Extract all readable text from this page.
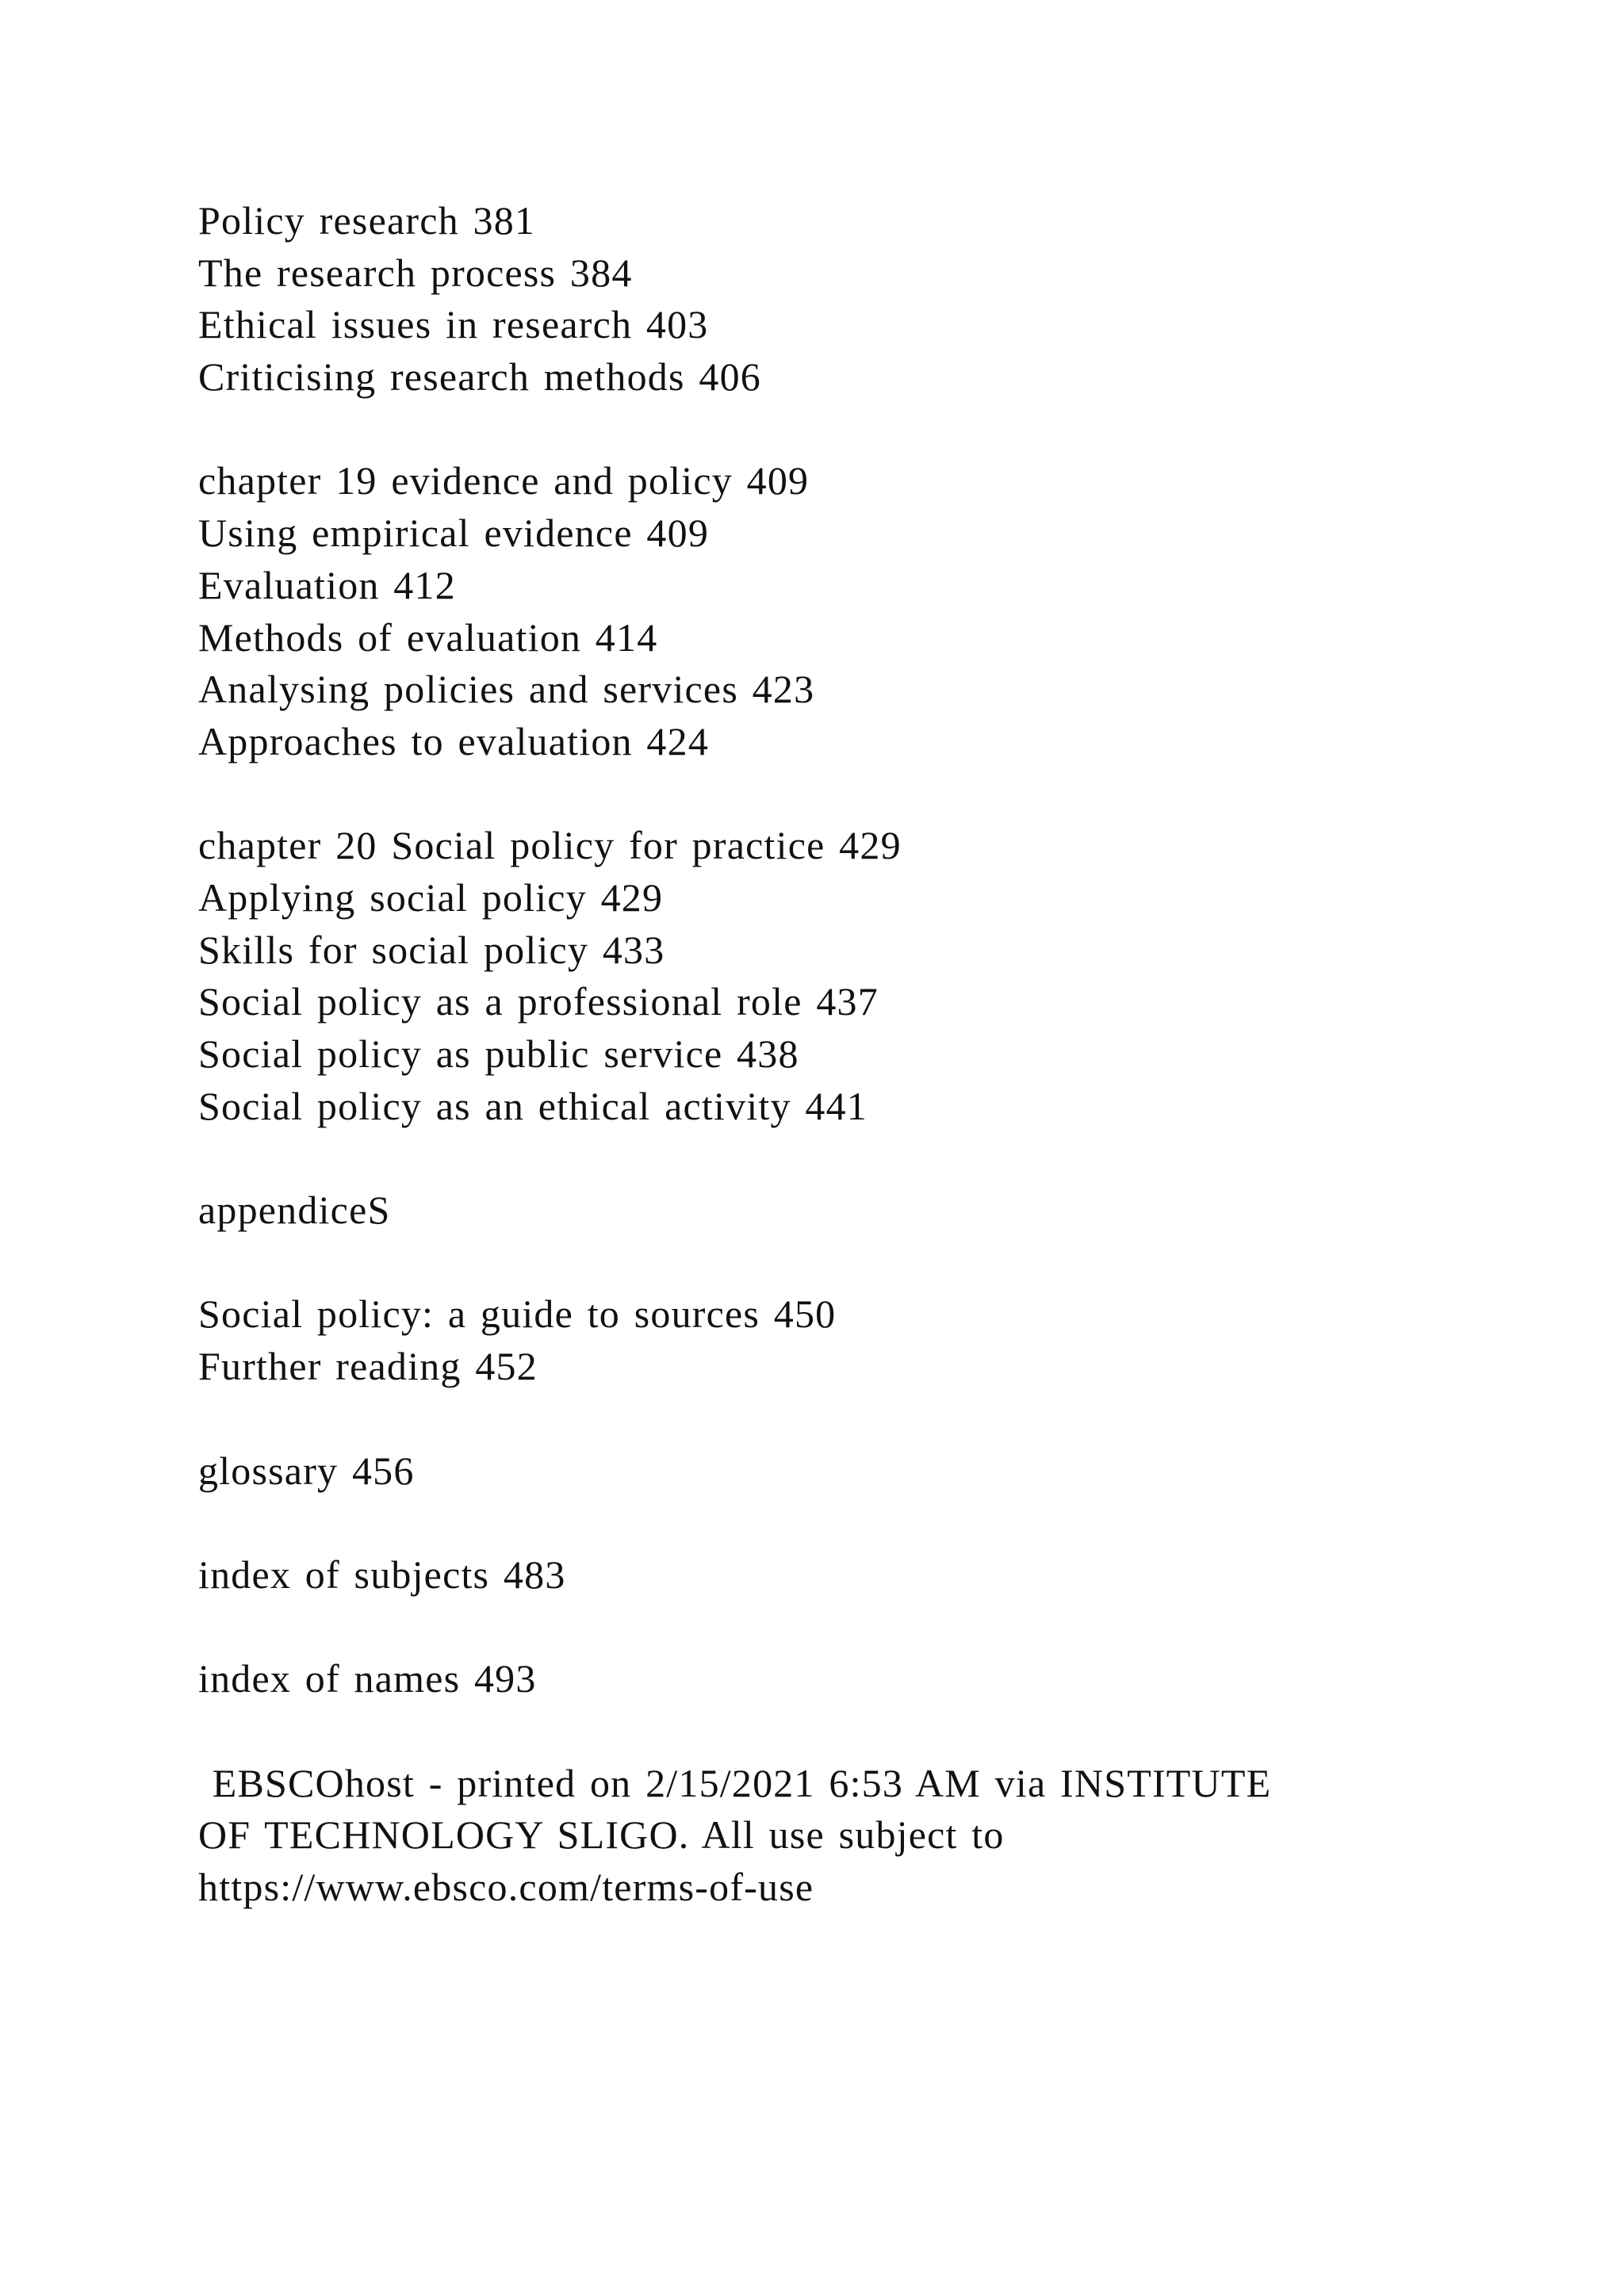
Policy research 381
The research process 384
Ethical issues in research 403
Criticising research methods 406
chapter 19 evidence and policy 409
Using empirical evidence 409
Evaluation 412
Methods of evaluation 414
Analysing policies and services 423
Approaches to evaluation 424
chapter 20 Social policy for practice 429
Applying social policy 429
Skills for social policy 433
Social policy as a professional role 437
Social policy as public service 438
Social policy as an ethical activity 441
appendiceS
Social policy: a guide to sources 450
Further reading 452
glossary 456
index of subjects 483
index of names 493
EBSCOhost - printed on 2/15/2021 6:53 AM via INSTITUTE
OF TECHNOLOGY SLIGO. All use subject to
https://www.ebsco.com/terms-of-use
